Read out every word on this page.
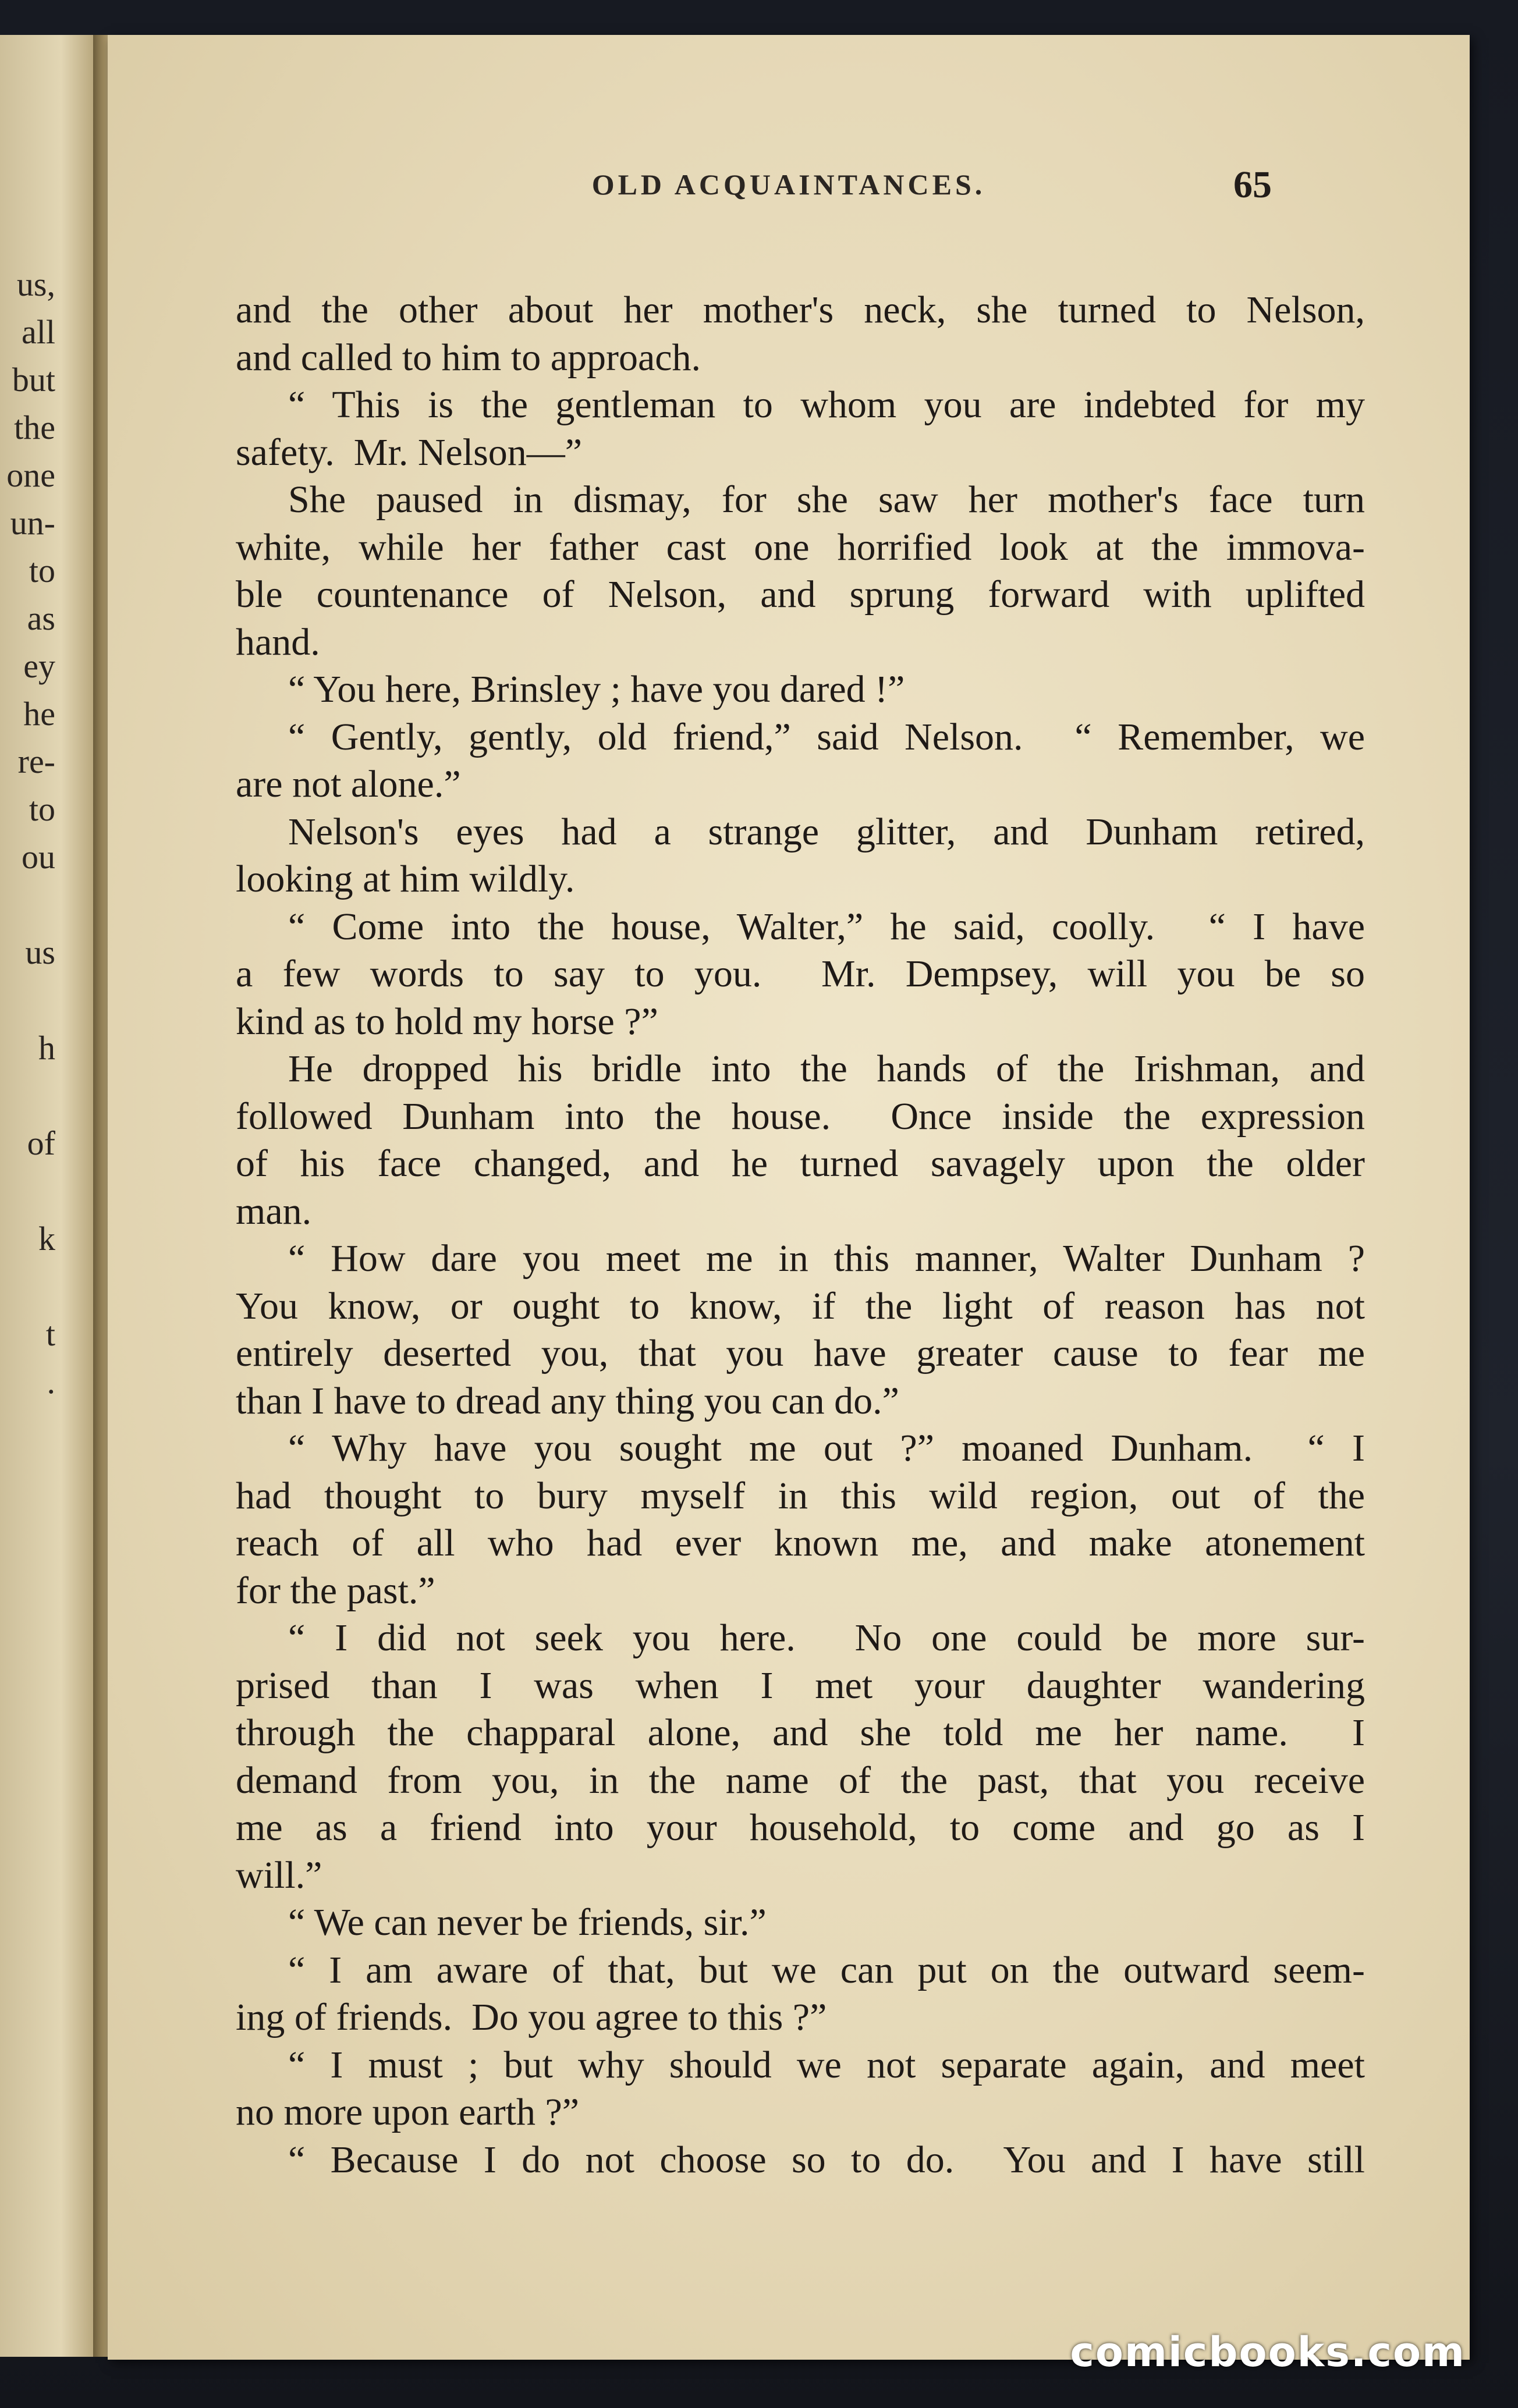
us,
all
but
the
one
un-
to
as
ey
he
re-
to
ou
us
h
of
k
t
.
OLD ACQUAINTANCES.	65
and the other about her mother's neck, she turned to Nelson,
and called to him to approach.
“ This is the gentleman to whom you are indebted for my
safety.  Mr. Nelson—”
She paused in dismay, for she saw her mother's face turn
white, while her father cast one horrified look at the immova-
ble countenance of Nelson, and sprung forward with uplifted
hand.
“ You here, Brinsley ; have you dared !”
“ Gently, gently, old friend,” said Nelson.  “ Remember, we
are not alone.”
Nelson's eyes had a strange glitter, and Dunham retired,
looking at him wildly.
“ Come into the house, Walter,” he said, coolly.  “ I have
a few words to say to you.  Mr. Dempsey, will you be so
kind as to hold my horse ?”
He dropped his bridle into the hands of the Irishman, and
followed Dunham into the house.  Once inside the expression
of his face changed, and he turned savagely upon the older
man.
“ How dare you meet me in this manner, Walter Dunham ?
You know, or ought to know, if the light of reason has not
entirely deserted you, that you have greater cause to fear me
than I have to dread any thing you can do.”
“ Why have you sought me out ?” moaned Dunham.  “ I
had thought to bury myself in this wild region, out of the
reach of all who had ever known me, and make atonement
for the past.”
“ I did not seek you here.  No one could be more sur-
prised than I was when I met your daughter wandering
through the chapparal alone, and she told me her name.  I
demand from you, in the name of the past, that you receive
me as a friend into your household, to come and go as I
will.”
“ We can never be friends, sir.”
“ I am aware of that, but we can put on the outward seem-
ing of friends.  Do you agree to this ?”
“ I must ; but why should we not separate again, and meet
no more upon earth ?”
“ Because I do not choose so to do.  You and I have still
comicbooks.com
